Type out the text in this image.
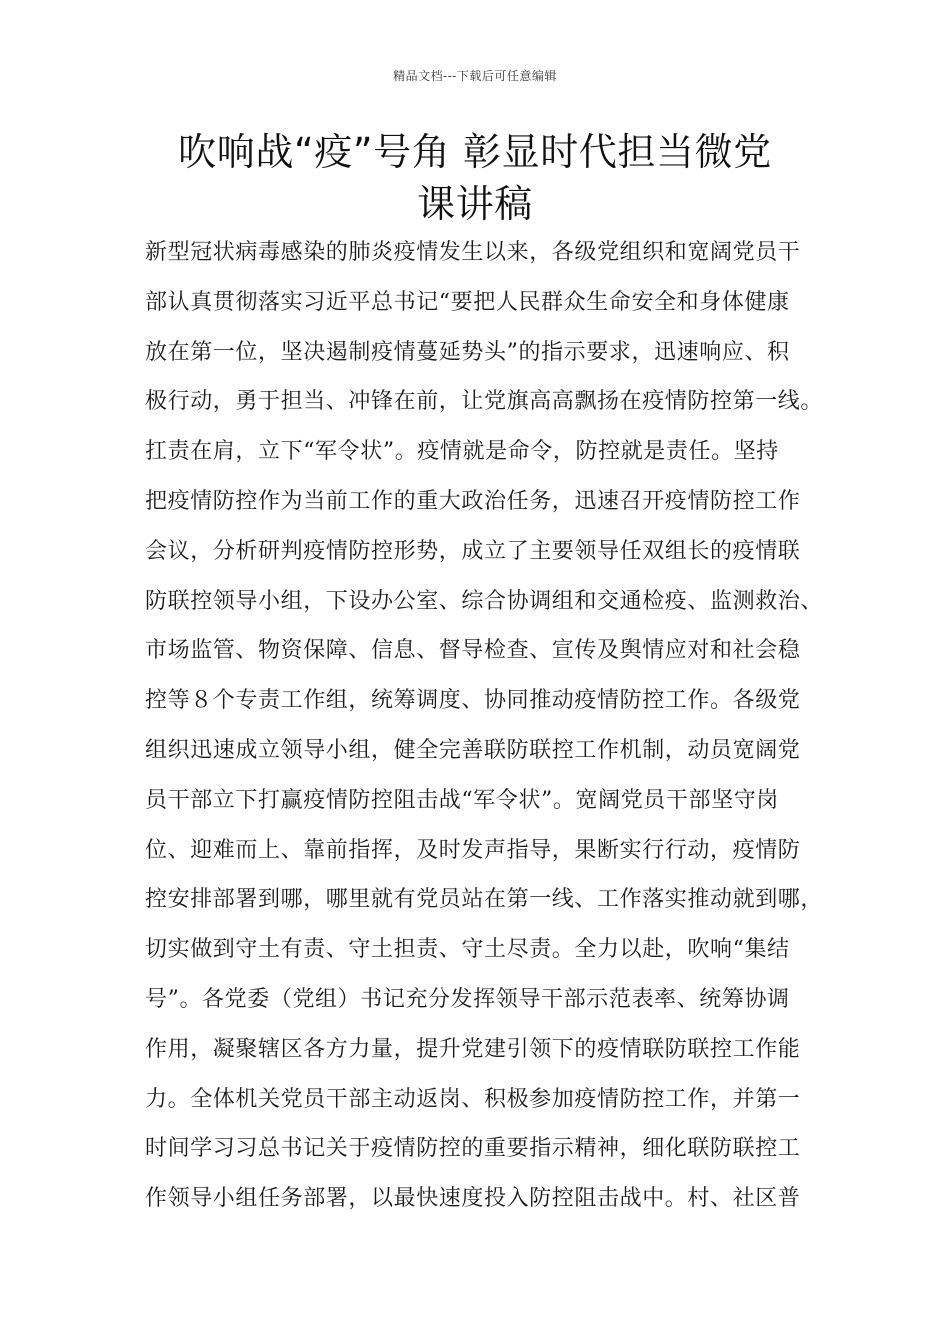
精品文档---下载后可任意编辑
吹响战“疫”号角 彰显时代担当微党
课讲稿
新型冠状病毒感染的肺炎疫情发生以来，各级党组织和宽阔党员干
部认真贯彻落实习近平总书记“要把人民群众生命安全和身体健康
放在第一位，坚决遏制疫情蔓延势头”的指示要求，迅速响应、积
极行动，勇于担当、冲锋在前，让党旗高高飘扬在疫情防控第一线。
扛责在肩，立下“军令状”。疫情就是命令，防控就是责任。坚持
把疫情防控作为当前工作的重大政治任务，迅速召开疫情防控工作
会议，分析研判疫情防控形势，成立了主要领导任双组长的疫情联
防联控领导小组，下设办公室、综合协调组和交通检疫、监测救治、
市场监管、物资保障、信息、督导检查、宣传及舆情应对和社会稳
控等８个专责工作组，统筹调度、协同推动疫情防控工作。各级党
组织迅速成立领导小组，健全完善联防联控工作机制，动员宽阔党
员干部立下打赢疫情防控阻击战“军令状”。宽阔党员干部坚守岗
位、迎难而上、靠前指挥，及时发声指导，果断实行行动，疫情防
控安排部署到哪，哪里就有党员站在第一线、工作落实推动就到哪，
切实做到守土有责、守土担责、守土尽责。全力以赴，吹响“集结
号”。各党委（党组）书记充分发挥领导干部示范表率、统筹协调
作用，凝聚辖区各方力量，提升党建引领下的疫情联防联控工作能
力。全体机关党员干部主动返岗、积极参加疫情防控工作，并第一
时间学习习总书记关于疫情防控的重要指示精神，细化联防联控工
作领导小组任务部署，以最快速度投入防控阻击战中。村、社区普
